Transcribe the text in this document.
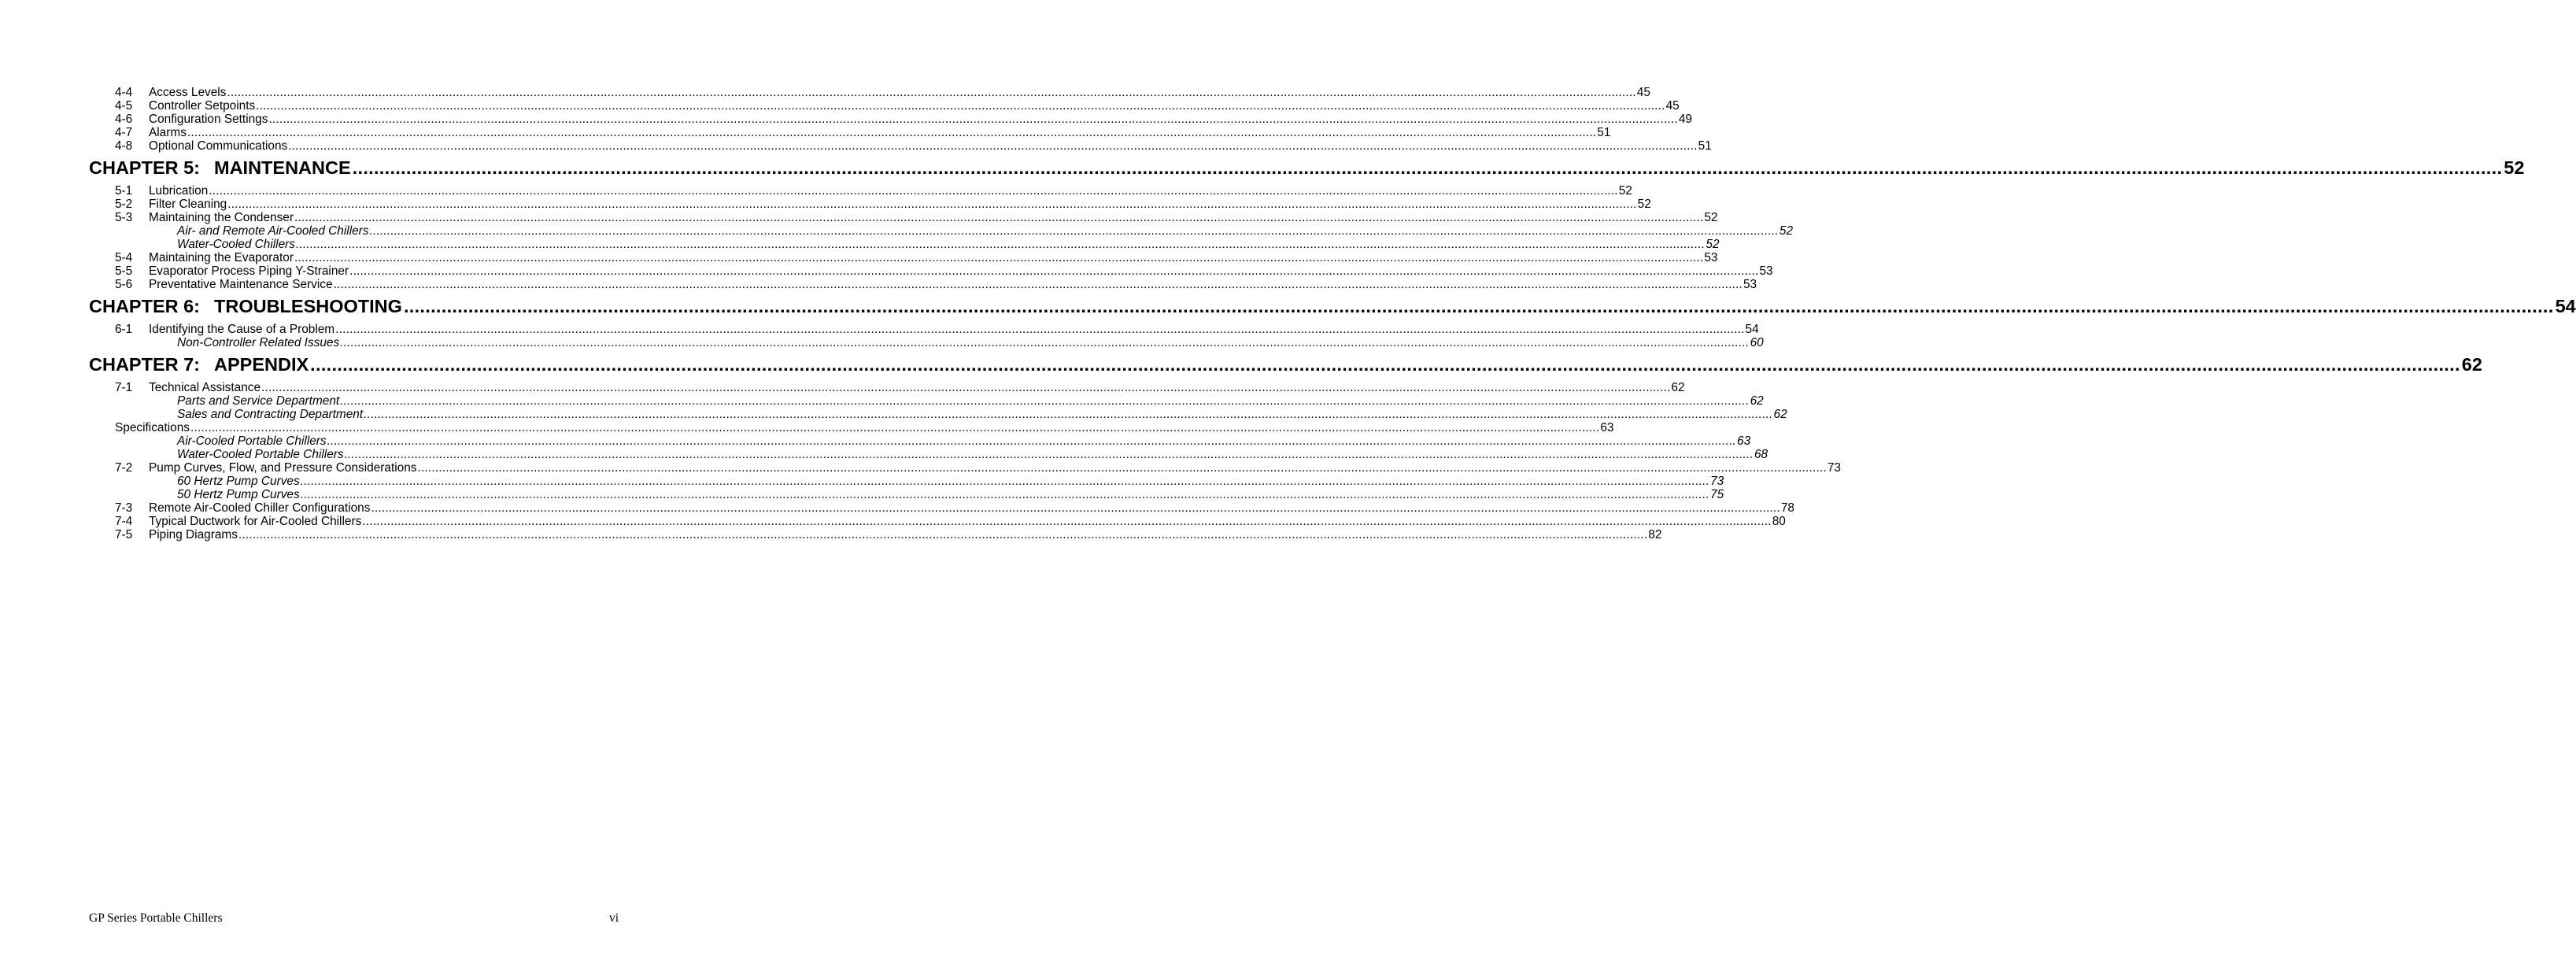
4-4 Access Levels ................................................................................................................................................................................................................................................................................................................................................................................................................ 45
4-5 Controller Setpoints ................................................................................................................................................................................................................................................................................................................................................................................................................ 45
4-6 Configuration Settings ................................................................................................................................................................................................................................................................................................................................................................................................................ 49
4-7 Alarms ................................................................................................................................................................................................................................................................................................................................................................................................................ 51
4-8 Optional Communications ................................................................................................................................................................................................................................................................................................................................................................................................................ 51
CHAPTER 5: MAINTENANCE ................................................................................................................................................................................................................................................................................................................................................................................................................ 52
5-1 Lubrication ................................................................................................................................................................................................................................................................................................................................................................................................................ 52
5-2 Filter Cleaning ................................................................................................................................................................................................................................................................................................................................................................................................................ 52
5-3 Maintaining the Condenser ................................................................................................................................................................................................................................................................................................................................................................................................................ 52
Air- and Remote Air-Cooled Chillers ................................................................................................................................................................................................................................................................................................................................................................................................................ 52
Water-Cooled Chillers ................................................................................................................................................................................................................................................................................................................................................................................................................ 52
5-4 Maintaining the Evaporator ................................................................................................................................................................................................................................................................................................................................................................................................................ 53
5-5 Evaporator Process Piping Y-Strainer ................................................................................................................................................................................................................................................................................................................................................................................................................ 53
5-6 Preventative Maintenance Service ................................................................................................................................................................................................................................................................................................................................................................................................................ 53
CHAPTER 6: TROUBLESHOOTING ................................................................................................................................................................................................................................................................................................................................................................................................................ 54
6-1 Identifying the Cause of a Problem ................................................................................................................................................................................................................................................................................................................................................................................................................ 54
Non-Controller Related Issues ................................................................................................................................................................................................................................................................................................................................................................................................................ 60
CHAPTER 7: APPENDIX ................................................................................................................................................................................................................................................................................................................................................................................................................ 62
7-1 Technical Assistance ................................................................................................................................................................................................................................................................................................................................................................................................................ 62
Parts and Service Department ................................................................................................................................................................................................................................................................................................................................................................................................................ 62
Sales and Contracting Department ................................................................................................................................................................................................................................................................................................................................................................................................................ 62
Specifications ................................................................................................................................................................................................................................................................................................................................................................................................................ 63
Air-Cooled Portable Chillers ................................................................................................................................................................................................................................................................................................................................................................................................................ 63
Water-Cooled Portable Chillers ................................................................................................................................................................................................................................................................................................................................................................................................................ 68
7-2 Pump Curves, Flow, and Pressure Considerations ................................................................................................................................................................................................................................................................................................................................................................................................................ 73
60 Hertz Pump Curves ................................................................................................................................................................................................................................................................................................................................................................................................................ 73
50 Hertz Pump Curves ................................................................................................................................................................................................................................................................................................................................................................................................................ 75
7-3 Remote Air-Cooled Chiller Configurations ................................................................................................................................................................................................................................................................................................................................................................................................................ 78
7-4 Typical Ductwork for Air-Cooled Chillers ................................................................................................................................................................................................................................................................................................................................................................................................................ 80
7-5 Piping Diagrams ................................................................................................................................................................................................................................................................................................................................................................................................................ 82
GP Series Portable Chillers	vi
